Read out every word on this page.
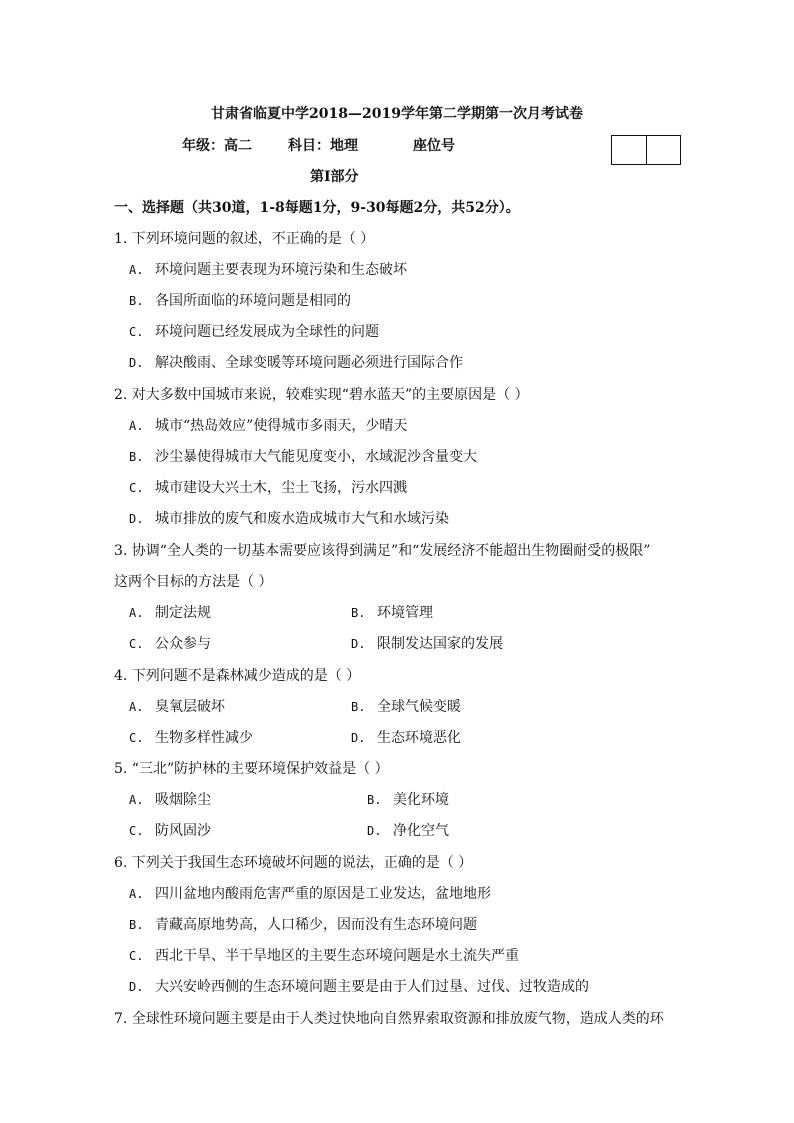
甘肃省临夏中学2018—2019学年第二学期第一次月考试卷
年级：高二	科目：地理	座位号
第Ⅰ部分
一、选择题（共30道，1-8每题1分，9-30每题2分，共52分）。
1. 下列环境问题的叙述，不正确的是（ ）
A. 环境问题主要表现为环境污染和生态破坏
B. 各国所面临的环境问题是相同的
C. 环境问题已经发展成为全球性的问题
D. 解决酸雨、全球变暖等环境问题必须进行国际合作
2. 对大多数中国城市来说，较难实现“碧水蓝天”的主要原因是（ ）
A. 城市“热岛效应”使得城市多雨天，少晴天
B. 沙尘暴使得城市大气能见度变小，水域泥沙含量变大
C. 城市建设大兴土木，尘土飞扬，污水四溅
D. 城市排放的废气和废水造成城市大气和水域污染
3. 协调“全人类的一切基本需要应该得到满足”和“发展经济不能超出生物圈耐受的极限”
这两个目标的方法是（ ）
A. 制定法规	B. 环境管理
C. 公众参与	D. 限制发达国家的发展
4. 下列问题不是森林减少造成的是（ ）
A. 臭氧层破坏	B. 全球气候变暖
C. 生物多样性减少	D. 生态环境恶化
5. “三北”防护林的主要环境保护效益是（ ）
A. 吸烟除尘	B. 美化环境
C. 防风固沙	D. 净化空气
6. 下列关于我国生态环境破坏问题的说法，正确的是（ ）
A. 四川盆地内酸雨危害严重的原因是工业发达，盆地地形
B. 青藏高原地势高，人口稀少，因而没有生态环境问题
C. 西北干旱、半干旱地区的主要生态环境问题是水土流失严重
D. 大兴安岭西侧的生态环境问题主要是由于人们过垦、过伐、过牧造成的
7. 全球性环境问题主要是由于人类过快地向自然界索取资源和排放废气物，造成人类的环
